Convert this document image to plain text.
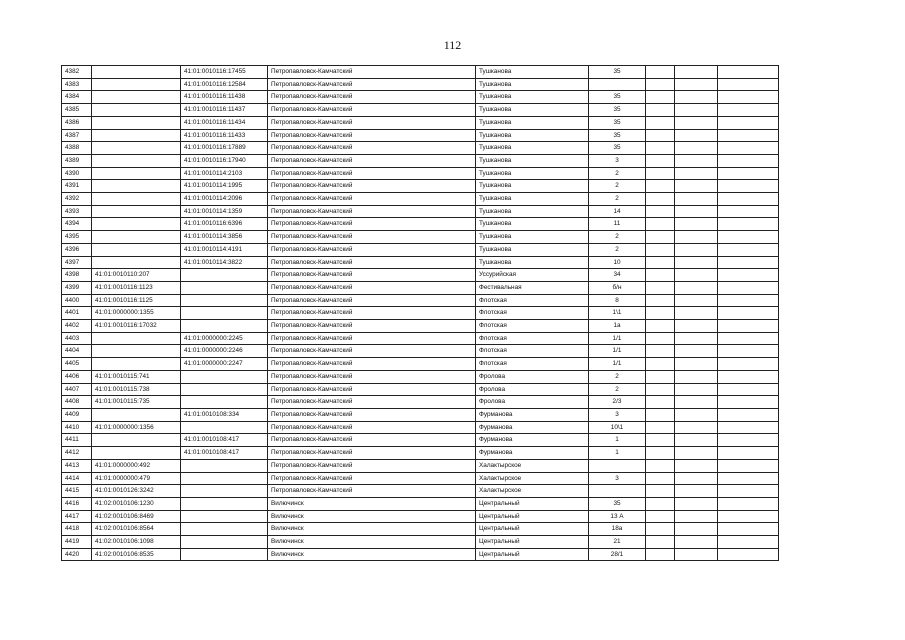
112
4382		41:01:0010116:17455	Петропавловск-Камчатский	Тушканова	35			
4383		41:01:0010116:12584	Петропавловск-Камчатский	Тушканова				
4384		41:01:0010116:11438	Петропавловск-Камчатский	Тушканова	35			
4385		41:01:0010116:11437	Петропавловск-Камчатский	Тушканова	35			
4386		41:01:0010116:11434	Петропавловск-Камчатский	Тушканова	35			
4387		41:01:0010116:11433	Петропавловск-Камчатский	Тушканова	35			
4388		41:01:0010116:17889	Петропавловск-Камчатский	Тушканова	35			
4389		41:01:0010116:17940	Петропавловск-Камчатский	Тушканова	3			
4390		41:01:0010114:2103	Петропавловск-Камчатский	Тушканова	2			
4391		41:01:0010114:1995	Петропавловск-Камчатский	Тушканова	2			
4392		41:01:0010114:2096	Петропавловск-Камчатский	Тушканова	2			
4393		41:01:0010114:1359	Петропавловск-Камчатский	Тушканова	14			
4394		41:01:0010116:6396	Петропавловск-Камчатский	Тушканова	11			
4395		41:01:0010114:3856	Петропавловск-Камчатский	Тушканова	2			
4396		41:01:0010114:4191	Петропавловск-Камчатский	Тушканова	2			
4397		41:01:0010114:3822	Петропавловск-Камчатский	Тушканова	10			
4398	41:01:0010110:207		Петропавловск-Камчатский	Уссурийская	34			
4399	41:01:0010116:1123		Петропавловск-Камчатский	Фестивальная	б/н			
4400	41:01:0010116:1125		Петропавловск-Камчатский	Флотская	8			
4401	41:01:0000000:1355		Петропавловск-Камчатский	Флотская	1\1			
4402	41:01:0010116:17032		Петропавловск-Камчатский	Флотская	1а			
4403		41:01:0000000:2245	Петропавловск-Камчатский	Флотская	1/1			
4404		41:01:0000000:2246	Петропавловск-Камчатский	Флотская	1/1			
4405		41:01:0000000:2247	Петропавловск-Камчатский	Флотская	1/1			
4406	41:01:0010115:741		Петропавловск-Камчатский	Фролова	2			
4407	41:01:0010115:738		Петропавловск-Камчатский	Фролова	2			
4408	41:01:0010115:735		Петропавловск-Камчатский	Фролова	2/3			
4409		41:01:0010108:334	Петропавловск-Камчатский	Фурманова	3			
4410	41:01:0000000:1356		Петропавловск-Камчатский	Фурманова	10\1			
4411		41:01:0010108:417	Петропавловск-Камчатский	Фурманова	1			
4412		41:01:0010108:417	Петропавловск-Камчатский	Фурманова	1			
4413	41:01:0000000:492		Петропавловск-Камчатский	Халактырское				
4414	41:01:0000000:479		Петропавловск-Камчатский	Халактырское	3			
4415	41:01:0010126:3242		Петропавловск-Камчатский	Халактырское				
4416	41:02:0010106:1230		Вилючинск	Центральный	35			
4417	41:02:0010106:8469		Вилючинск	Центральный	13 А			
4418	41:02:0010106:8564		Вилючинск	Центральный	18а			
4419	41:02:0010106:1098		Вилючинск	Центральный	21			
4420	41:02:0010106:8535		Вилючинск	Центральный	28/1			
